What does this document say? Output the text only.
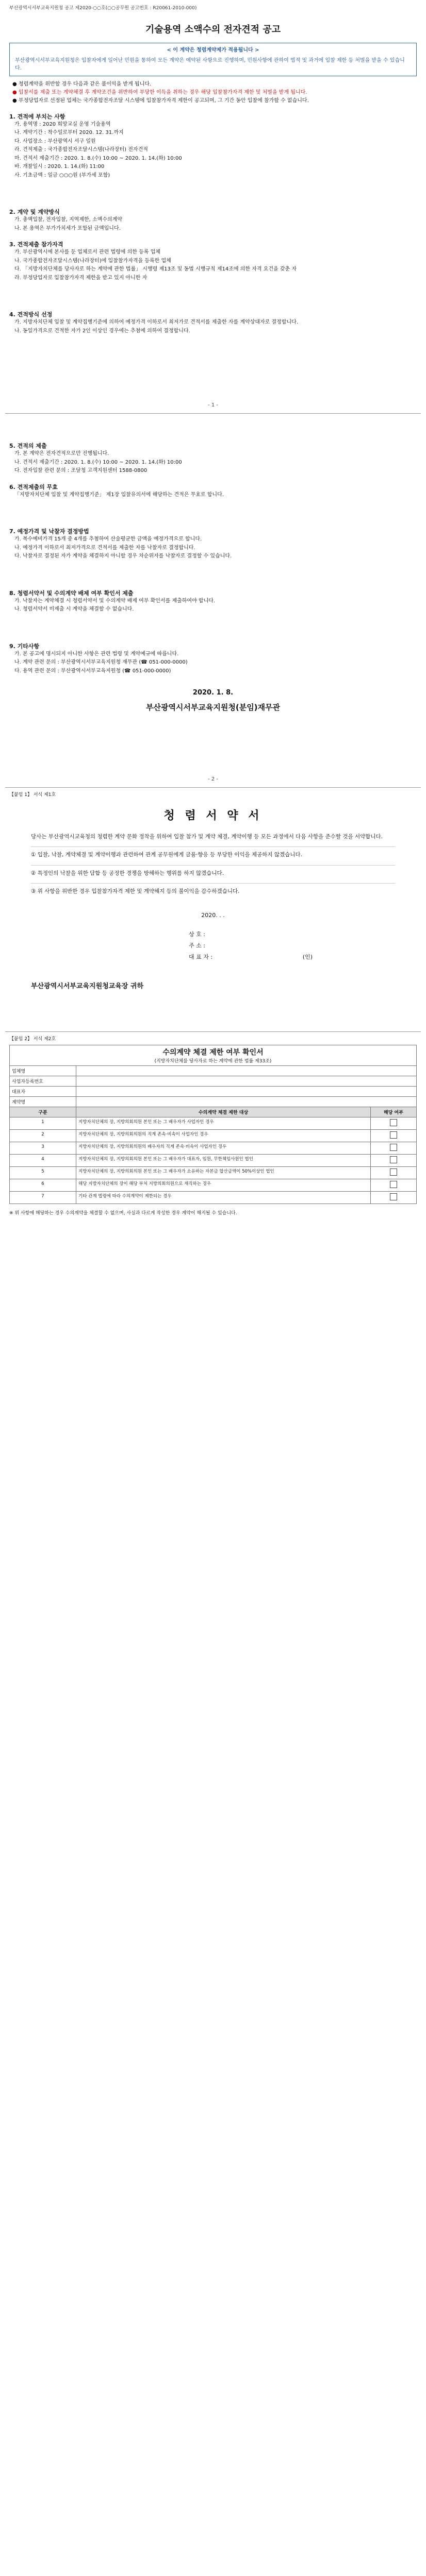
부산광역시서부교육지원청 공고 제2020-○○호(○○공무원 공고번호 : R20061-2010-000)
기술용역 소액수의 전자견적 공고
< 이 계약은 청렴계약제가 적용됩니다 >
부산광역시서부교육지원청은 입찰자에게 일어난 민원을 통하여 모든 계약은 예약된 사항으로 진행하며, 민원사항에 관하여 법적 및 과거에 입찰 제한 등 처벌을 받을 수 있습니다.
● 청렴계약을 위반할 경우 다음과 같은 불이익을 받게 됩니다.
● 입찰서를 제출 또는 계약체결 후 계약조건을 위반하여 부당한 이득을 취하는 경우 해당 입찰참가자격 제한 및 처벌을 받게 됩니다.
● 부정당업자로 선정된 업체는 국가종합전자조달 시스템에 입찰참가자격 제한이 공고되며, 그 기간 동안 입찰에 참가할 수 없습니다.
1. 견적에 부치는 사항
가. 용역명 : 2020 희망교실 운영 기술용역
나. 계약기간 : 착수일로부터 2020. 12. 31.까지
다. 사업장소 : 부산광역시 서구 일원
라. 견적제출 : 국가종합전자조달시스템(나라장터) 전자견적
마. 견적서 제출기간 : 2020. 1. 8.(수) 10:00 ~ 2020. 1. 14.(화) 10:00
바. 개찰일시 : 2020. 1. 14.(화) 11:00
사. 기초금액 : 일금 ○○○원 (부가세 포함)
2. 계약 및 계약방식
가. 총액입찰, 전자입찰, 지역제한, 소액수의계약
나. 본 용역은 부가가치세가 포함된 금액입니다.
3. 견적제출 참가자격
가. 부산광역시에 본사를 둔 업체로서 관련 법령에 의한 등록 업체
나. 국가종합전자조달시스템(나라장터)에 입찰참가자격을 등록한 업체
다. 「지방자치단체를 당사자로 하는 계약에 관한 법률」 시행령 제13조 및 동법 시행규칙 제14조에 의한 자격 요건을 갖춘 자
라. 부정당업자로 입찰참가자격 제한을 받고 있지 아니한 자
4. 견적방식 선정
가. 지방자치단체 입찰 및 계약집행기준에 의하여 예정가격 이하로서 최저가로 견적서를 제출한 자를 계약상대자로 결정합니다.
나. 동일가격으로 견적한 자가 2인 이상인 경우에는 추첨에 의하여 결정합니다.
- 1 -
5. 견적의 제출
가. 본 계약은 전자견적으로만 진행됩니다.
나. 견적서 제출기간 : 2020. 1. 8.(수) 10:00 ~ 2020. 1. 14.(화) 10:00
다. 전자입찰 관련 문의 : 조달청 고객지원센터 1588-0800
6. 견적제출의 무효
「지방자치단체 입찰 및 계약집행기준」 제1장 입찰유의서에 해당하는 견적은 무효로 합니다.
7. 예정가격 및 낙찰자 결정방법
가. 복수예비가격 15개 중 4개를 추첨하여 산술평균한 금액을 예정가격으로 합니다.
나. 예정가격 이하로서 최저가격으로 견적서를 제출한 자를 낙찰자로 결정합니다.
다. 낙찰자로 결정된 자가 계약을 체결하지 아니할 경우 차순위자를 낙찰자로 결정할 수 있습니다.
8. 청렴서약서 및 수의계약 배제 여부 확인서 제출
가. 낙찰자는 계약체결 시 청렴서약서 및 수의계약 배제 여부 확인서를 제출하여야 합니다.
나. 청렴서약서 미제출 시 계약을 체결할 수 없습니다.
9. 기타사항
가. 본 공고에 명시되지 아니한 사항은 관련 법령 및 계약예규에 따릅니다.
나. 계약 관련 문의 : 부산광역시서부교육지원청 재무관 (☎ 051-000-0000)
다. 용역 관련 문의 : 부산광역시서부교육지원청 (☎ 051-000-0000)
2020. 1. 8.
부산광역시서부교육지원청(분임)재무관
- 2 -
【붙임 1】 서식 제1호
청 렴 서 약 서
당사는 부산광역시교육청의 청렴한 계약 문화 정착을 위하여 입찰 참가 및 계약 체결, 계약이행 등 모든 과정에서 다음 사항을 준수할 것을 서약합니다.
① 입찰, 낙찰, 계약체결 및 계약이행과 관련하여 관계 공무원에게 금품·향응 등 부당한 이익을 제공하지 않겠습니다.
② 특정인의 낙찰을 위한 담합 등 공정한 경쟁을 방해하는 행위를 하지 않겠습니다.
③ 위 사항을 위반한 경우 입찰참가자격 제한 및 계약해지 등의 불이익을 감수하겠습니다.
2020. . .
상 호 :
주 소 :
대 표 자 :	(인)
부산광역시서부교육지원청교육장 귀하
【붙임 2】 서식 제2호
수의계약 체결 제한 여부 확인서
(지방자치단체를 당사자로 하는 계약에 관한 법률 제33조)		

업체명		
사업자등록번호		
대표자		
계약명		
구분	수의계약 체결 제한 대상	해당 여부
1	지방자치단체의 장, 지방의회의원 본인 또는 그 배우자가 사업자인 경우	
2	지방자치단체의 장, 지방의회의원의 직계 존속·비속이 사업자인 경우	
3	지방자치단체의 장, 지방의회의원의 배우자의 직계 존속·비속이 사업자인 경우	
4	지방자치단체의 장, 지방의회의원 본인 또는 그 배우자가 대표자, 임원, 무한책임사원인 법인	
5	지방자치단체의 장, 지방의회의원 본인 또는 그 배우자가 소유하는 자본금 합산금액이 50%이상인 법인	
6	해당 지방자치단체의 장이 해당 부처 지방의회의원으로 재직하는 경우	
7	기타 관계 법령에 따라 수의계약이 제한되는 경우	
※ 위 사항에 해당하는 경우 수의계약을 체결할 수 없으며, 사실과 다르게 작성한 경우 계약이 해지될 수 있습니다.
